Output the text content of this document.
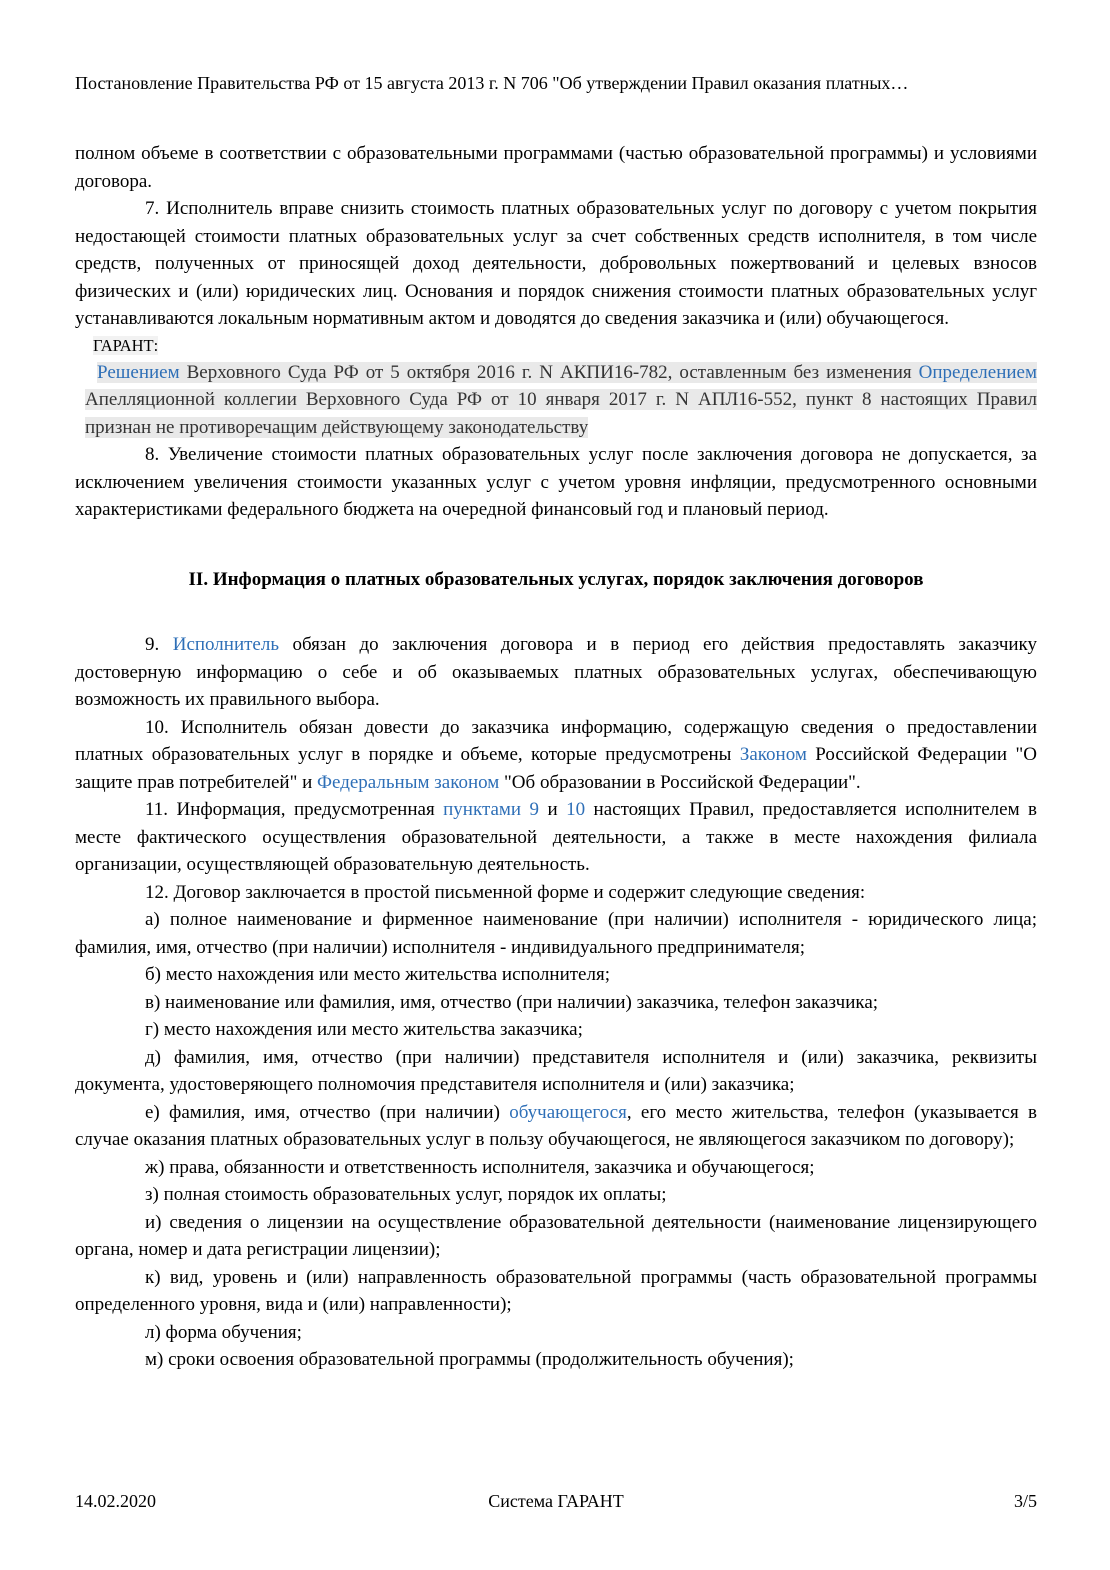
Постановление Правительства РФ от 15 августа 2013 г. N 706 "Об утверждении Правил оказания платных…

полном объеме в соответствии с образовательными программами (частью образовательной программы) и условиями договора.

7. Исполнитель вправе снизить стоимость платных образовательных услуг по договору с учетом покрытия недостающей стоимости платных образовательных услуг за счет собственных средств исполнителя, в том числе средств, полученных от приносящей доход деятельности, добровольных пожертвований и целевых взносов физических и (или) юридических лиц. Основания и порядок снижения стоимости платных образовательных услуг устанавливаются локальным нормативным актом и доводятся до сведения заказчика и (или) обучающегося.

ГАРАНТ:

Решением Верховного Суда РФ от 5 октября 2016 г. N АКПИ16-782, оставленным без изменения Определением Апелляционной коллегии Верховного Суда РФ от 10 января 2017 г. N АПЛ16-552, пункт 8 настоящих Правил признан не противоречащим действующему законодательству

8. Увеличение стоимости платных образовательных услуг после заключения договора не допускается, за исключением увеличения стоимости указанных услуг с учетом уровня инфляции, предусмотренного основными характеристиками федерального бюджета на очередной финансовый год и плановый период.

II. Информация о платных образовательных услугах, порядок заключения договоров

9. Исполнитель обязан до заключения договора и в период его действия предоставлять заказчику достоверную информацию о себе и об оказываемых платных образовательных услугах, обеспечивающую возможность их правильного выбора.

10. Исполнитель обязан довести до заказчика информацию, содержащую сведения о предоставлении платных образовательных услуг в порядке и объеме, которые предусмотрены Законом Российской Федерации "О защите прав потребителей" и Федеральным законом "Об образовании в Российской Федерации".

11. Информация, предусмотренная пунктами 9 и 10 настоящих Правил, предоставляется исполнителем в месте фактического осуществления образовательной деятельности, а также в месте нахождения филиала организации, осуществляющей образовательную деятельность.

12. Договор заключается в простой письменной форме и содержит следующие сведения:

а) полное наименование и фирменное наименование (при наличии) исполнителя - юридического лица; фамилия, имя, отчество (при наличии) исполнителя - индивидуального предпринимателя;

б) место нахождения или место жительства исполнителя;

в) наименование или фамилия, имя, отчество (при наличии) заказчика, телефон заказчика;

г) место нахождения или место жительства заказчика;

д) фамилия, имя, отчество (при наличии) представителя исполнителя и (или) заказчика, реквизиты документа, удостоверяющего полномочия представителя исполнителя и (или) заказчика;

е) фамилия, имя, отчество (при наличии) обучающегося, его место жительства, телефон (указывается в случае оказания платных образовательных услуг в пользу обучающегося, не являющегося заказчиком по договору);

ж) права, обязанности и ответственность исполнителя, заказчика и обучающегося;

з) полная стоимость образовательных услуг, порядок их оплаты;

и) сведения о лицензии на осуществление образовательной деятельности (наименование лицензирующего органа, номер и дата регистрации лицензии);

к) вид, уровень и (или) направленность образовательной программы (часть образовательной программы определенного уровня, вида и (или) направленности);

л) форма обучения;

м) сроки освоения образовательной программы (продолжительность обучения);

14.02.2020	Система ГАРАНТ	3/5
